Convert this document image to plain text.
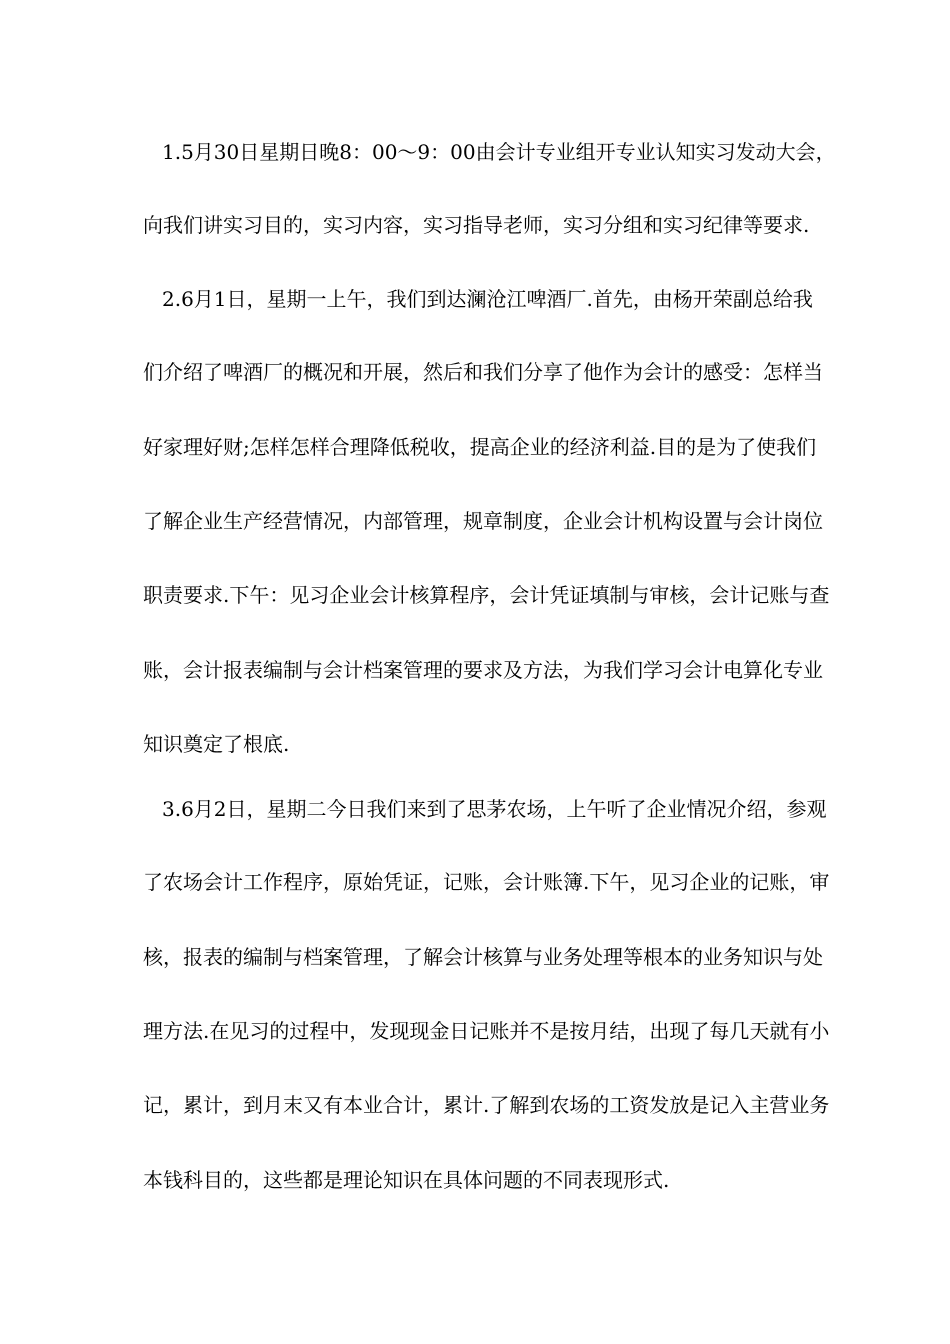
1.5月30日星期日晚8：00～9：00由会计专业组开专业认知实习发动大会，
向我们讲实习目的，实习内容，实习指导老师，实习分组和实习纪律等要求.
2.6月1日，星期一上午，我们到达澜沧江啤酒厂.首先，由杨开荣副总给我
们介绍了啤酒厂的概况和开展，然后和我们分享了他作为会计的感受：怎样当
好家理好财;怎样怎样合理降低税收，提高企业的经济利益.目的是为了使我们
了解企业生产经营情况，内部管理，规章制度，企业会计机构设置与会计岗位
职责要求.下午：见习企业会计核算程序，会计凭证填制与审核，会计记账与查
账，会计报表编制与会计档案管理的要求及方法，为我们学习会计电算化专业
知识奠定了根底.
3.6月2日，星期二今日我们来到了思茅农场，上午听了企业情况介绍，参观
了农场会计工作程序，原始凭证，记账，会计账簿.下午，见习企业的记账，审
核，报表的编制与档案管理，了解会计核算与业务处理等根本的业务知识与处
理方法.在见习的过程中，发现现金日记账并不是按月结，出现了每几天就有小
记，累计，到月末又有本业合计，累计.了解到农场的工资发放是记入主营业务
本钱科目的，这些都是理论知识在具体问题的不同表现形式.
